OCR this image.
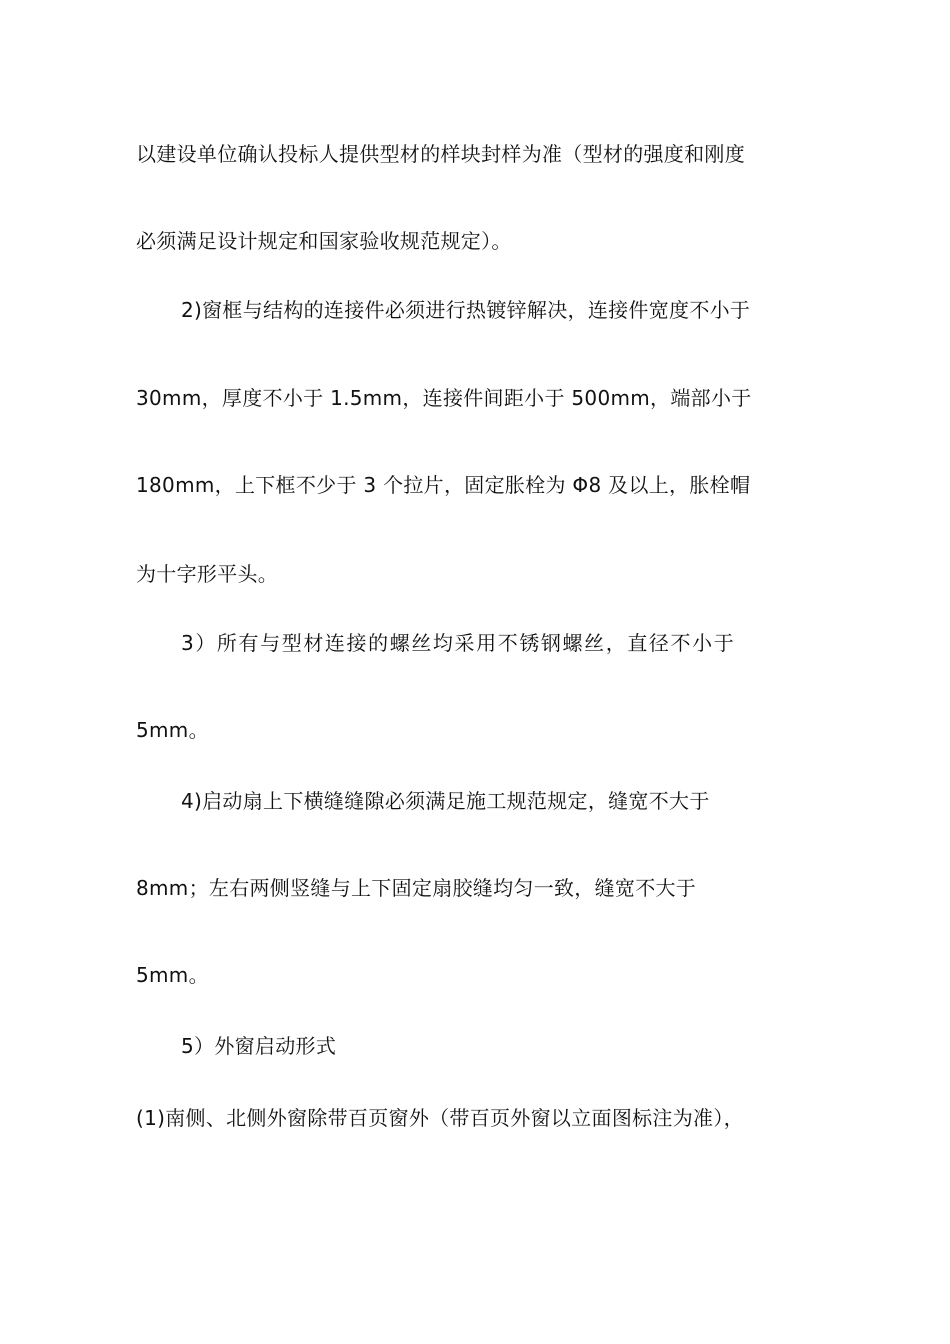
以建设单位确认投标人提供型材的样块封样为准（型材的强度和刚度
必须满足设计规定和国家验收规范规定）。
2)窗框与结构的连接件必须进行热镀锌解决，连接件宽度不小于
30mm，厚度不小于 1.5mm，连接件间距小于 500mm，端部小于
180mm，上下框不少于 3 个拉片，固定胀栓为 Φ8 及以上，胀栓帽
为十字形平头。
3）所有与型材连接的螺丝均采用不锈钢螺丝，直径不小于
5mm。
4)启动扇上下横缝缝隙必须满足施工规范规定，缝宽不大于
8mm；左右两侧竖缝与上下固定扇胶缝均匀一致，缝宽不大于
5mm。
5）外窗启动形式
(1)南侧、北侧外窗除带百页窗外（带百页外窗以立面图标注为准），
